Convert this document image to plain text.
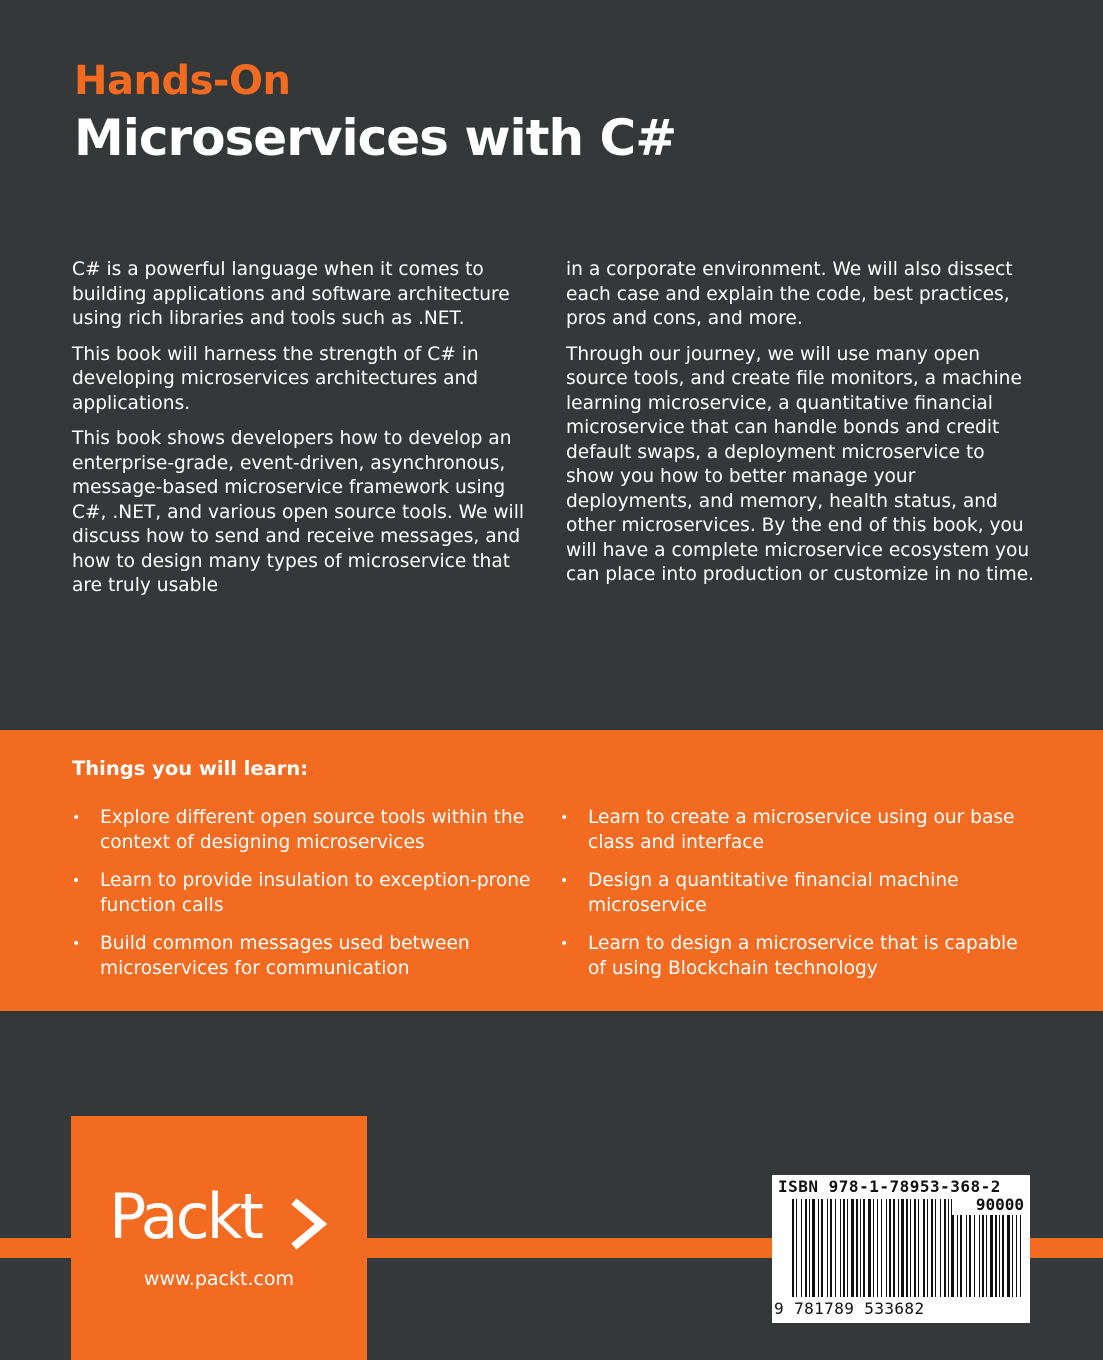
Hands-On
Microservices with C#

C# is a powerful language when it comes to building applications and software architecture using rich libraries and tools such as .NET.

This book will harness the strength of C# in developing microservices architectures and applications.

This book shows developers how to develop an enterprise-grade, event-driven, asynchronous, message-based microservice framework using C#, .NET, and various open source tools. We will discuss how to send and receive messages, and how to design many types of microservice that are truly usable

in a corporate environment. We will also dissect each case and explain the code, best practices, pros and cons, and more.

Through our journey, we will use many open source tools, and create file monitors, a machine learning microservice, a quantitative financial microservice that can handle bonds and credit default swaps, a deployment microservice to show you how to better manage your deployments, and memory, health status, and other microservices. By the end of this book, you will have a complete microservice ecosystem you can place into production or customize in no time.

Things you will learn:
• Explore different open source tools within the context of designing microservices
• Learn to provide insulation to exception-prone function calls
• Build common messages used between microservices for communication
• Learn to create a microservice using our base class and interface
• Design a quantitative financial machine microservice
• Learn to design a microservice that is capable of using Blockchain technology
Packt
www.packt.com

ISBN 978-1-78953-368-2

90000

9 781789 533682
